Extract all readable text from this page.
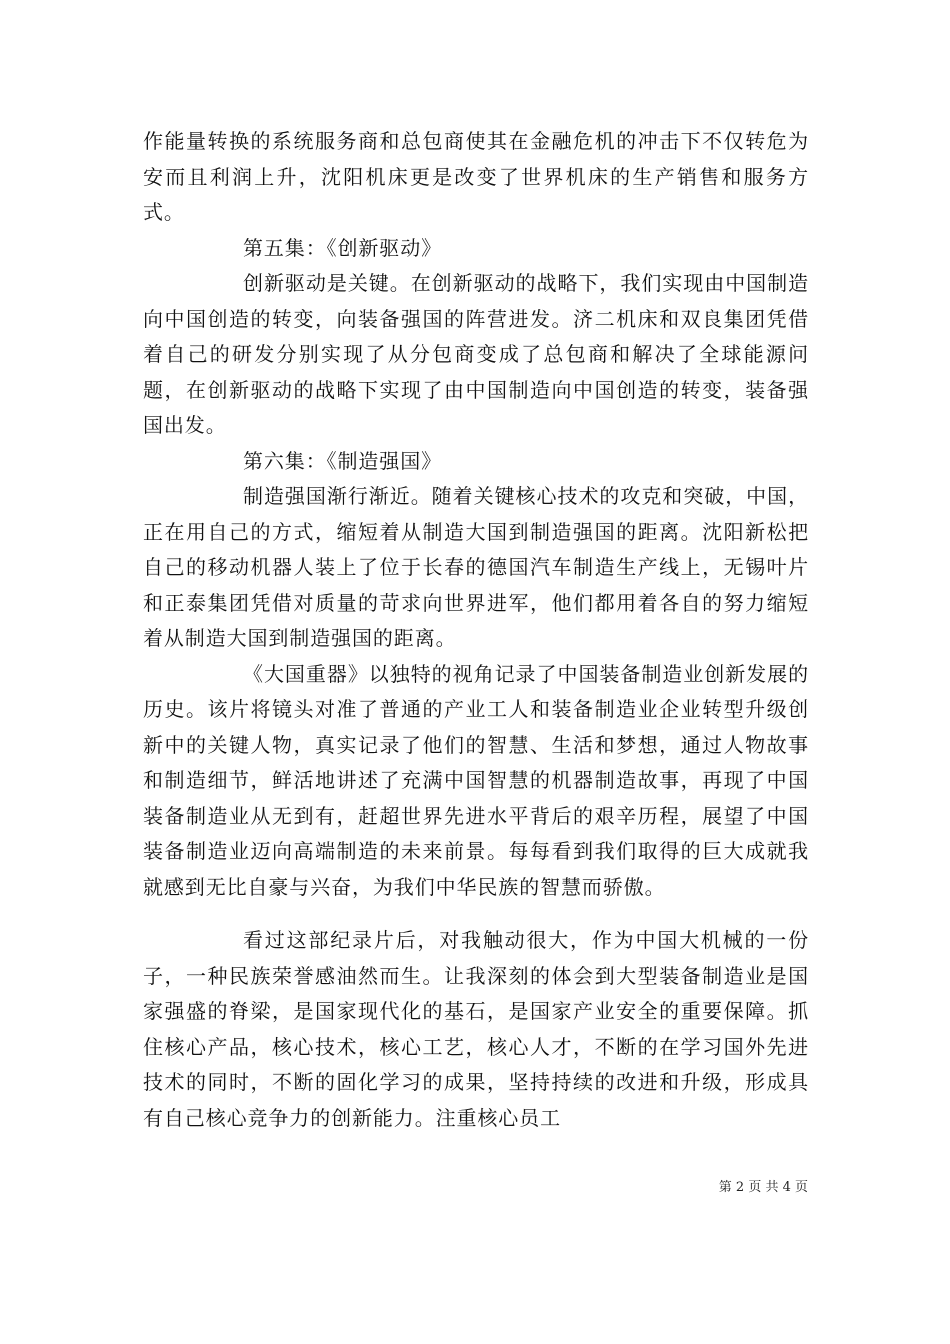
作能量转换的系统服务商和总包商使其在金融危机的冲击下不仅转危为安而且利润上升，沈阳机床更是改变了世界机床的生产销售和服务方式。

第五集：《创新驱动》

创新驱动是关键。在创新驱动的战略下，我们实现由中国制造向中国创造的转变，向装备强国的阵营进发。济二机床和双良集团凭借着自己的研发分别实现了从分包商变成了总包商和解决了全球能源问题，在创新驱动的战略下实现了由中国制造向中国创造的转变，装备强国出发。

第六集：《制造强国》

制造强国渐行渐近。随着关键核心技术的攻克和突破，中国，正在用自己的方式，缩短着从制造大国到制造强国的距离。沈阳新松把自己的移动机器人装上了位于长春的德国汽车制造生产线上，无锡叶片和正泰集团凭借对质量的苛求向世界进军，他们都用着各自的努力缩短着从制造大国到制造强国的距离。

《大国重器》以独特的视角记录了中国装备制造业创新发展的历史。该片将镜头对准了普通的产业工人和装备制造业企业转型升级创新中的关键人物，真实记录了他们的智慧、生活和梦想，通过人物故事和制造细节，鲜活地讲述了充满中国智慧的机器制造故事，再现了中国装备制造业从无到有，赶超世界先进水平背后的艰辛历程，展望了中国装备制造业迈向高端制造的未来前景。每每看到我们取得的巨大成就我就感到无比自豪与兴奋，为我们中华民族的智慧而骄傲。

看过这部纪录片后，对我触动很大，作为中国大机械的一份子，一种民族荣誉感油然而生。让我深刻的体会到大型装备制造业是国家强盛的脊梁，是国家现代化的基石，是国家产业安全的重要保障。抓住核心产品，核心技术，核心工艺，核心人才，不断的在学习国外先进技术的同时，不断的固化学习的成果，坚持持续的改进和升级，形成具有自己核心竞争力的创新能力。注重核心员工

第 2 页 共 4 页
